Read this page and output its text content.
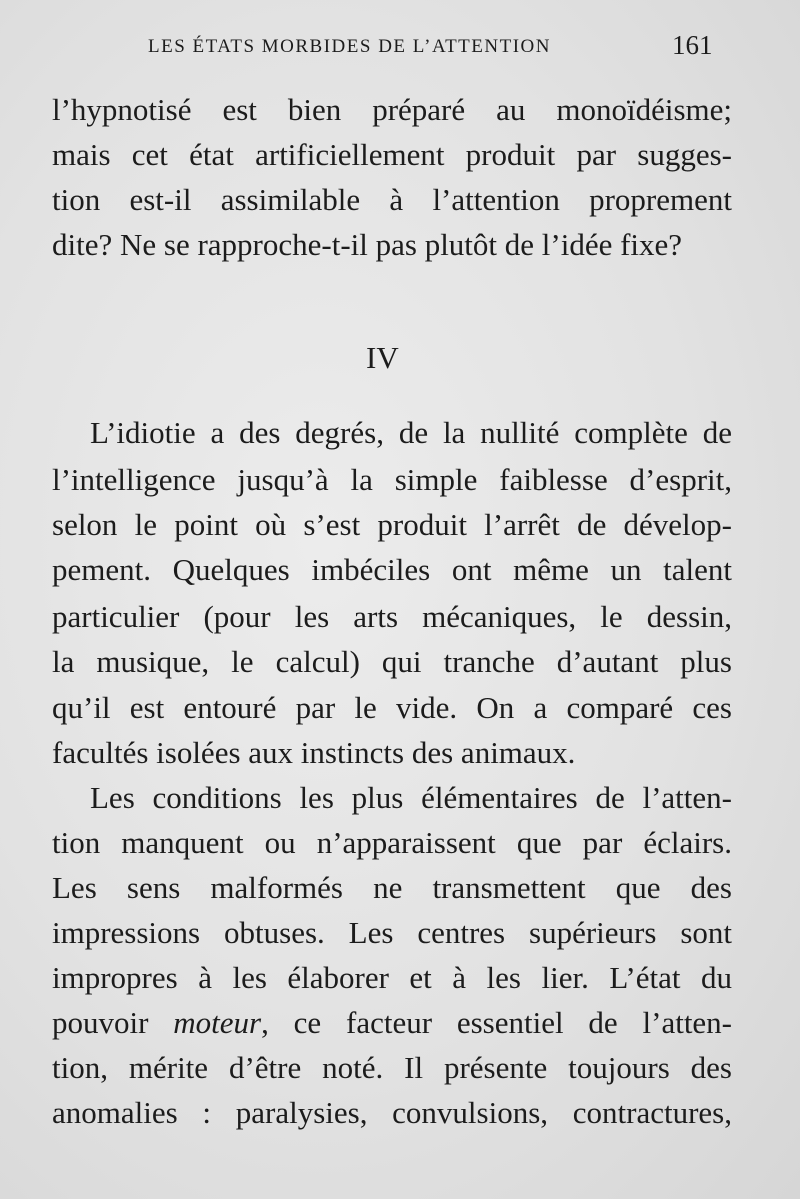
LES ÉTATS MORBIDES DE L’ATTENTION	161
l’hypnotisé est bien préparé au monoïdéisme;
mais cet état artificiellement produit par sugges-
tion est-il assimilable à l’attention proprement
dite? Ne se rapproche-t-il pas plutôt de l’idée fixe?
IV
L’idiotie a des degrés, de la nullité complète de
l’intelligence jusqu’à la simple faiblesse d’esprit,
selon le point où s’est produit l’arrêt de dévelop-
pement. Quelques imbéciles ont même un talent
particulier (pour les arts mécaniques, le dessin,
la musique, le calcul) qui tranche d’autant plus
qu’il est entouré par le vide. On a comparé ces
facultés isolées aux instincts des animaux.
Les conditions les plus élémentaires de l’atten-
tion manquent ou n’apparaissent que par éclairs.
Les sens malformés ne transmettent que des
impressions obtuses. Les centres supérieurs sont
impropres à les élaborer et à les lier. L’état du
pouvoir moteur, ce facteur essentiel de l’atten-
tion, mérite d’être noté. Il présente toujours des
anomalies : paralysies, convulsions, contractures,
